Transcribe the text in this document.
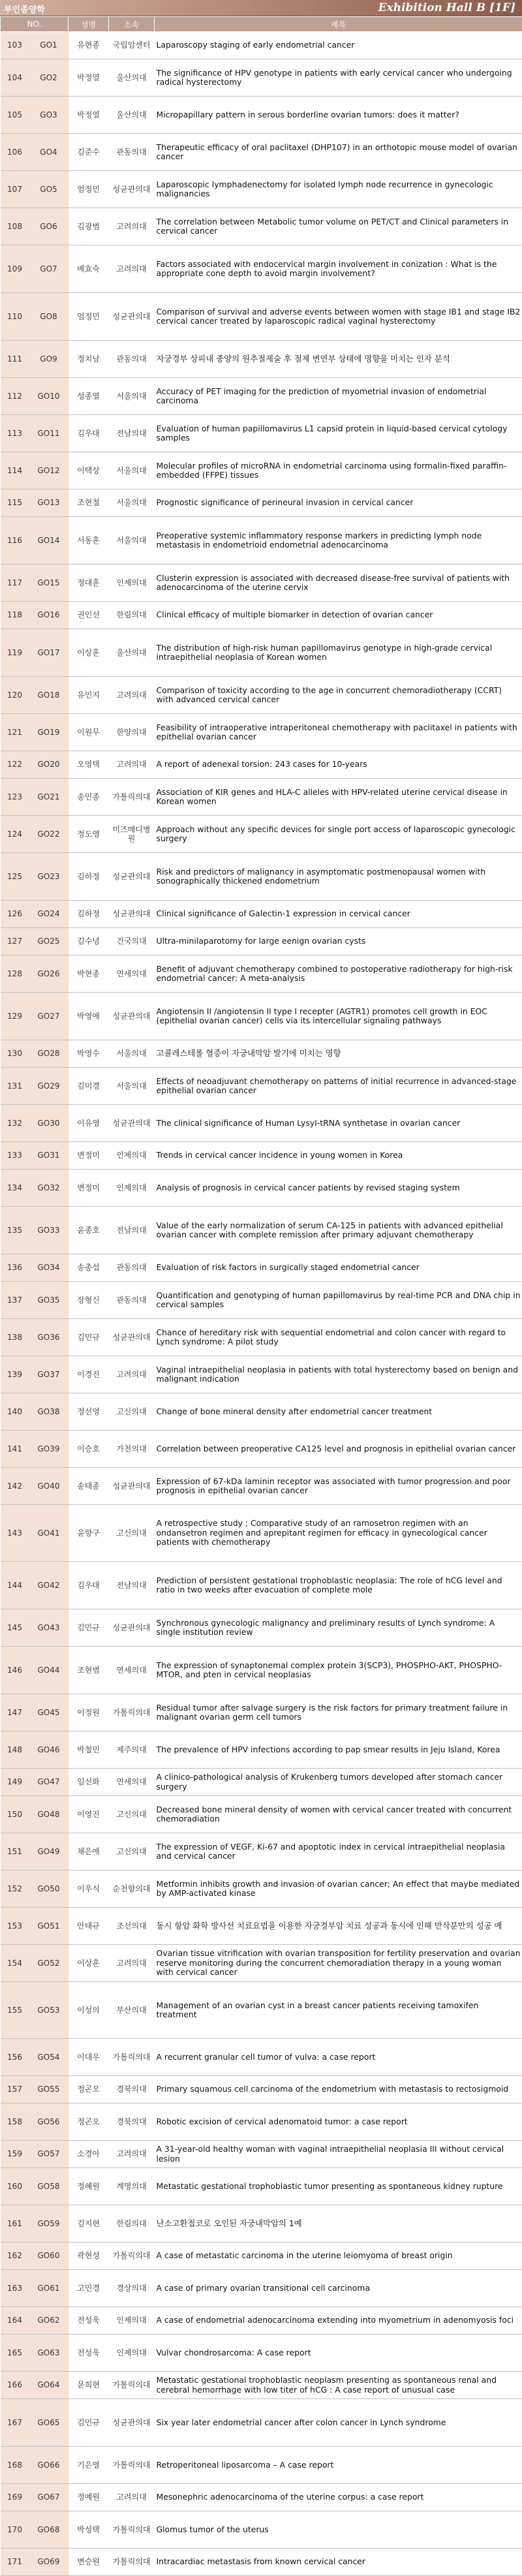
부인종양학	Exhibition Hall B [1F]
NO.		성명	소속	제목
103	GO1	유현종	국립암센터	Laparoscopy staging of early endometrial cancer
104	GO2	박정열	울산의대	The significance of HPV genotype in patients with early cervical cancer who undergoing radical hysterectomy
105	GO3	박정열	울산의대	Micropapillary pattern in serous borderline ovarian tumors: does it matter?
106	GO4	김준수	관동의대	Therapeutic efficacy of oral paclitaxel (DHP107) in an orthotopic mouse model of ovarian cancer
107	GO5	엄정민	성균관의대	Laparoscopic lymphadenectomy for isolated lymph node recurrence in gynecologic malignancies
108	GO6	김광범	고려의대	The correlation between Metabolic tumor volume on PET/CT and Clinical parameters in cervical cancer
109	GO7	배효숙	고려의대	Factors associated with endocervical margin involvement in conization : What is the appropriate cone depth to avoid margin involvement?
110	GO8	엄정민	성균관의대	Comparison of survival and adverse events between women with stage IB1 and stage IB2 cervical cancer treated by laparoscopic radical vaginal hysterectomy
111	GO9	정치남	관동의대	자궁경부 상피내 종양의 원추절제술 후 절제 변연부 상태에 영향을 미치는 인자 분석
112	GO10	성종열	서울의대	Accuracy of PET imaging for the prediction of myometrial invasion of endometrial carcinoma
113	GO11	김우대	전남의대	Evaluation of human papillomavirus L1 capsid protein in liquid-based cervical cytology samples
114	GO12	이택상	서울의대	Molecular profiles of microRNA in endometrial carcinoma using formalin-fixed paraffin-embedded (FFPE) tissues
115	GO13	조현철	서울의대	Prognostic significance of perineural invasion in cervical cancer
116	GO14	서동훈	서울의대	Preoperative systemic inflammatory response markers in predicting lymph node metastasis in endometrioid endometrial adenocarcinoma
117	GO15	정대훈	인제의대	Clusterin expression is associated with decreased disease-free survival of patients with adenocarcinoma of the uterine cervix
118	GO16	권인선	한림의대	Clinical efficacy of multiple biomarker in detection of ovarian cancer
119	GO17	이상훈	울산의대	The distribution of high-risk human papillomavirus genotype in high-grade cervical intraepithelial neoplasia of Korean women
120	GO18	유민지	고려의대	Comparison of toxicity according to the age in concurrent chemoradiotherapy (CCRT) with advanced cervical cancer
121	GO19	이원무	한양의대	Feasibility of intraoperative intraperitoneal chemotherapy with paclitaxel in patients with epithelial ovarian cancer
122	GO20	오영택	고려의대	A report of adenexal torsion: 243 cases for 10-years
123	GO21	송민종	가톨릭의대	Association of KIR genes and HLA-C alleles with HPV-related uterine cervical disease in Korean women
124	GO22	정도영	미즈메디병원	Approach without any specific devices for single port access of laparoscopic gynecologic surgery
125	GO23	김하정	성균관의대	Risk and predictors of malignancy in asymptomatic postmenopausal women with sonographically thickened endometrium
126	GO24	김하정	성균관의대	Clinical significance of Galectin-1 expression in cervical cancer
127	GO25	김수녕	건국의대	Ultra-minilaparotomy for large eenign ovarian cysts
128	GO26	박현종	연세의대	Benefit of adjuvant chemotherapy combined to postoperative radiotherapy for high-risk endometrial cancer: A meta-analysis
129	GO27	박영애	성균관의대	Angiotensin II /angiotensin II type I recepter (AGTR1) promotes cell growth in EOC (epithelial ovarian cancer) cells via its intercellular signaling pathways
130	GO28	박영수	서울의대	고콜레스테롤 혈증이 자궁내막암 발기에 미치는 영향
131	GO29	김미경	서울의대	Effects of neoadjuvant chemotherapy on patterns of initial recurrence in advanced-stage epithelial ovarian cancer
132	GO30	이유영	성균관의대	The clinical significance of Human LysyI-tRNA synthetase in ovarian cancer
133	GO31	변정미	인제의대	Trends in cervical cancer incidence in young women in Korea
134	GO32	변정미	인제의대	Analysis of prognosis in cervical cancer patients by revised staging system
135	GO33	윤종호	전남의대	Value of the early normalization of serum CA-125 in patients with advanced epithelial ovarian cancer with complete remission after primary adjuvant chemotherapy
136	GO34	송총섭	관동의대	Evaluation of risk factors in surgically staged endometrial cancer
137	GO35	장형신	관동의대	Quantification and genotyping of human papillomavirus by real-time PCR and DNA chip in cervical samples
138	GO36	김민규	성균관의대	Chance of hereditary risk with sequential endometrial and colon cancer with regard to Lynch syndrome: A pilot study
139	GO37	이경진	고려의대	Vaginal intraepithelial neoplasia in patients with total hysterectomy based on benign and malignant indication
140	GO38	정선영	고신의대	Change of bone mineral density after endometrial cancer treatment
141	GO39	이승호	가천의대	Correlation between preoperative CA125 level and prognosis in epithelial ovarian cancer
142	GO40	송태종	성균관의대	Expression of 67-kDa laminin receptor was associated with tumor progression and poor prognosis in epithelial ovarian cancer
143	GO41	윤향구	고신의대	A retrospective study ; Comparative study of an ramosetron regimen with an ondansetron regimen and aprepitant regimen for efficacy in gynecological cancer patients with chemotherapy
144	GO42	김우대	전남의대	Prediction of persistent gestational trophoblastic neoplasia: The role of hCG level and ratio in two weeks after evacuation of complete mole
145	GO43	김민규	성균관의대	Synchronous gynecologic malignancy and preliminary results of Lynch syndrome: A single institution review
146	GO44	조현범	연세의대	The expression of synaptonemal complex protein 3(SCP3), PHOSPHO-AKT, PHOSPHO-MTOR, and pten in cervical neoplasias
147	GO45	이정원	가톨릭의대	Residual tumor after salvage surgery is the risk factors for primary treatment failure in malignant ovarian germ cell tumors
148	GO46	박철민	제주의대	The prevalence of HPV infections according to pap smear results in Jeju Island, Korea
149	GO47	임선화	연세의대	A clinico-pathological analysis of Krukenberg tumors developed after stomach cancer surgery
150	GO48	이영진	고신의대	Decreased bone mineral density of women with cervical cancer treated with concurrent chemoradiation
151	GO49	채은애	고신의대	The expression of VEGF, Ki-67 and apoptotic index in cervical intraepithelial neoplasia and cervical cancer
152	GO50	이우식	순천향의대	Metformin inhibits growth and invasion of ovarian cancer; An effect that maybe mediated by AMP-activated kinase
153	GO51	안태규	조선의대	동시 항암 화학 방사선 치료요법을 이용한 자궁경부암 치료 성공과 동시에 인해 만삭분만의 성공 예
154	GO52	이상훈	고려의대	Ovarian tissue vitrification with ovarian transposition for fertility preservation and ovarian reserve monitoring during the concurrent chemoradiation therapy in a young woman with cervical cancer
155	GO53	이성의	부산의대	Management of an ovarian cyst in a breast cancer patients receiving tamoxifen treatment
156	GO54	이대우	가톨릭의대	A recurrent granular cell tumor of vulva: a case report
157	GO55	정곤오	경북의대	Primary squamous cell carcinoma of the endometrium with metastasis to rectosigmoid
158	GO56	정곤오	경북의대	Robotic excision of cervical adenomatoid tumor: a case report
159	GO57	소경아	고려의대	A 31-year-old healthy woman with vaginal intraepithelial neoplasia III without cervical lesion
160	GO58	정혜원	계명의대	Metastatic gestational trophoblastic tumor presenting as spontaneous kidney rupture
161	GO59	김지현	한림의대	난소고환접코로 오인된 자궁내막암의 1예
162	GO60	곽현성	가톨릭의대	A case of metastatic carcinoma in the uterine leiomyoma of breast origin
163	GO61	고민경	경상의대	A case of primary ovarian transitional cell carcinoma
164	GO62	전성욱	인제의대	A case of endometrial adenocarcinoma extending into myometrium in adenomyosis foci
165	GO63	전성욱	인제의대	Vulvar chondrosarcoma: A case report
166	GO64	문희현	가톨릭의대	Metastatic gestational trophoblastic neoplasm presenting as spontaneous renal and cerebral hemorrhage with low titer of hCG : A case report of unusual case
167	GO65	김민규	성균관의대	Six year later endometrial cancer after colon cancer in Lynch syndrome
168	GO66	기은영	가톨릭의대	Retroperitoneal liposarcoma – A case report
169	GO67	정예원	고려의대	Mesonephric adenocarcinoma of the uterine corpus: a case report
170	GO68	박성택	가톨릭의대	Glomus tumor of the uterus
171	GO69	변승원	가톨릭의대	Intracardiac metastasis from known cervical cancer
